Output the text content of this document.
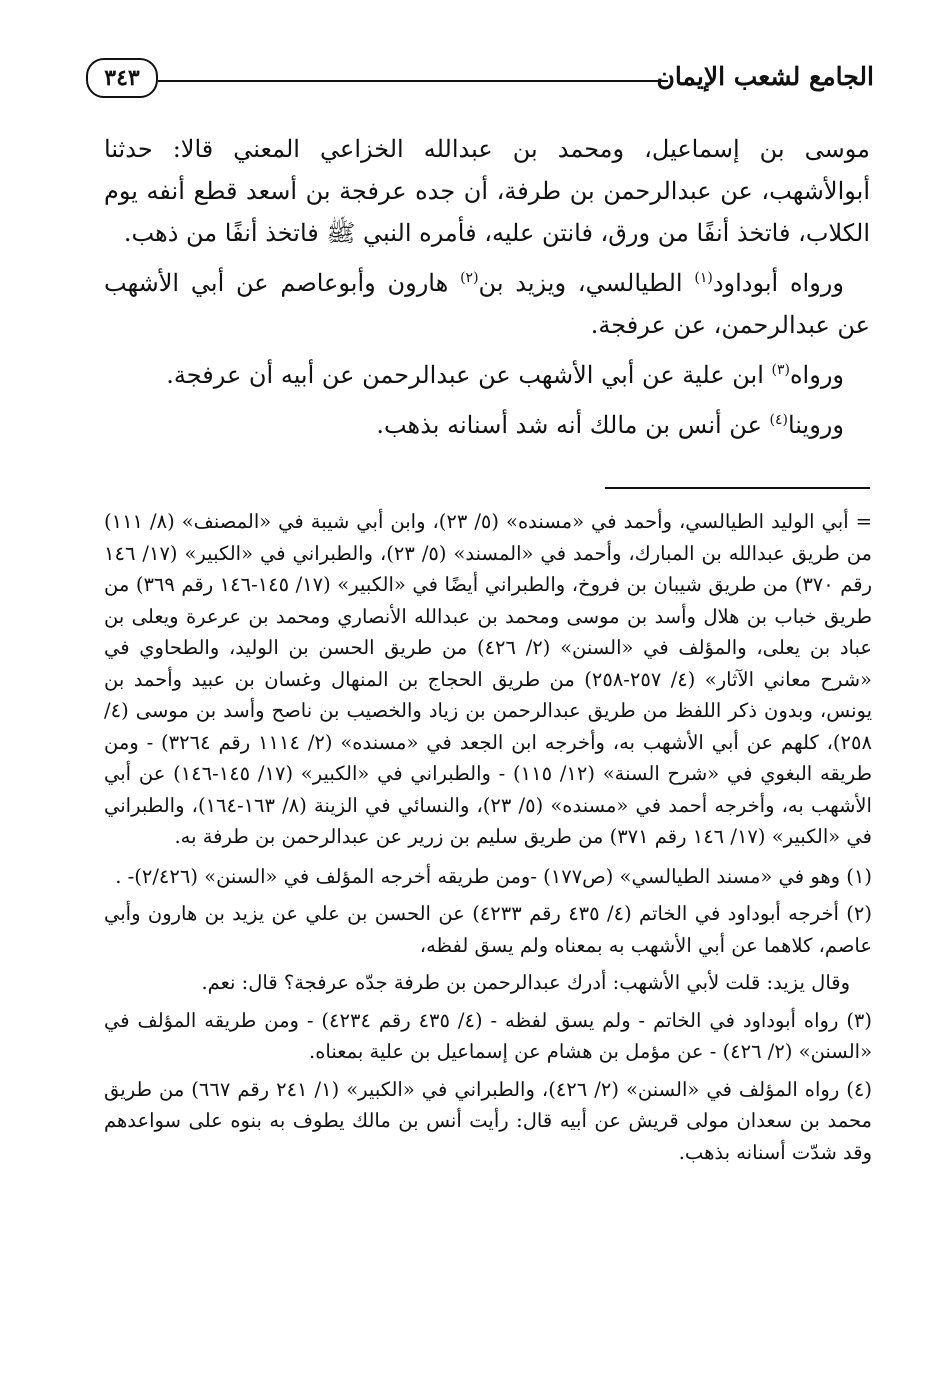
الجامع لشعب الإيمان
٣٤٣

موسى بن إسماعيل، ومحمد بن عبدالله الخزاعي المعني قالا: حدثنا أبوالأشهب، عن عبدالرحمن بن طرفة، أن جده عرفجة بن أسعد قطع أنفه يوم الكلاب، فاتخذ أنفًا من ورق، فانتن عليه، فأمره النبي ﷺ فاتخذ أنفًا من ذهب.

ورواه أبوداود$^{(١)}$ الطيالسي، ويزيد بن$^{(٢)}$ هارون وأبوعاصم عن أبي الأشهب عن عبدالرحمن، عن عرفجة.

ورواه$^{(٣)}$ ابن علية عن أبي الأشهب عن عبدالرحمن عن أبيه أن عرفجة.

وروينا$^{(٤)}$ عن أنس بن مالك أنه شد أسنانه بذهب.

= أبي الوليد الطيالسي، وأحمد في «مسنده» (٥/ ٢٣)، وابن أبي شيبة في «المصنف» (٨/ ١١١) من طريق عبدالله بن المبارك، وأحمد في «المسند» (٥/ ٢٣)، والطبراني في «الكبير» (١٧/ ١٤٦ رقم ٣٧٠) من طريق شيبان بن فروخ، والطبراني أيضًا في «الكبير» (١٧/ ١٤٥-١٤٦ رقم ٣٦٩) من طريق خباب بن هلال وأسد بن موسى ومحمد بن عبدالله الأنصاري ومحمد بن عرعرة ويعلى بن عباد بن يعلى، والمؤلف في «السنن» (٢/ ٤٢٦) من طريق الحسن بن الوليد، والطحاوي في «شرح معاني الآثار» (٤/ ٢٥٧-٢٥٨) من طريق الحجاج بن المنهال وغسان بن عبيد وأحمد بن يونس، وبدون ذكر اللفظ من طريق عبدالرحمن بن زياد والخصيب بن ناصح وأسد بن موسى (٤/ ٢٥٨)، كلهم عن أبي الأشهب به، وأخرجه ابن الجعد في «مسنده» (٢/ ١١١٤ رقم ٣٢٦٤) - ومن طريقه البغوي في «شرح السنة» (١٢/ ١١٥) - والطبراني في «الكبير» (١٧/ ١٤٥-١٤٦) عن أبي الأشهب به، وأخرجه أحمد في «مسنده» (٥/ ٢٣)، والنسائي في الزينة (٨/ ١٦٣-١٦٤)، والطبراني في «الكبير» (١٧/ ١٤٦ رقم ٣٧١) من طريق سليم بن زرير عن عبدالرحمن بن طرفة به.

(١) وهو في «مسند الطيالسي» (ص١٧٧) -ومن طريقه أخرجه المؤلف في «السنن» (٢/٤٢٦)- .

(٢) أخرجه أبوداود في الخاتم (٤/ ٤٣٥ رقم ٤٢٣٣) عن الحسن بن علي عن يزيد بن هارون وأبي عاصم، كلاهما عن أبي الأشهب به بمعناه ولم يسق لفظه،

وقال يزيد: قلت لأبي الأشهب: أدرك عبدالرحمن بن طرفة جدّه عرفجة؟ قال: نعم.

(٣) رواه أبوداود في الخاتم - ولم يسق لفظه - (٤/ ٤٣٥ رقم ٤٢٣٤) - ومن طريقه المؤلف في «السنن» (٢/ ٤٢٦) - عن مؤمل بن هشام عن إسماعيل بن علية بمعناه.

(٤) رواه المؤلف في «السنن» (٢/ ٤٢٦)، والطبراني في «الكبير» (١/ ٢٤١ رقم ٦٦٧) من طريق محمد بن سعدان مولى قريش عن أبيه قال: رأيت أنس بن مالك يطوف به بنوه على سواعدهم وقد شدّت أسنانه بذهب.
